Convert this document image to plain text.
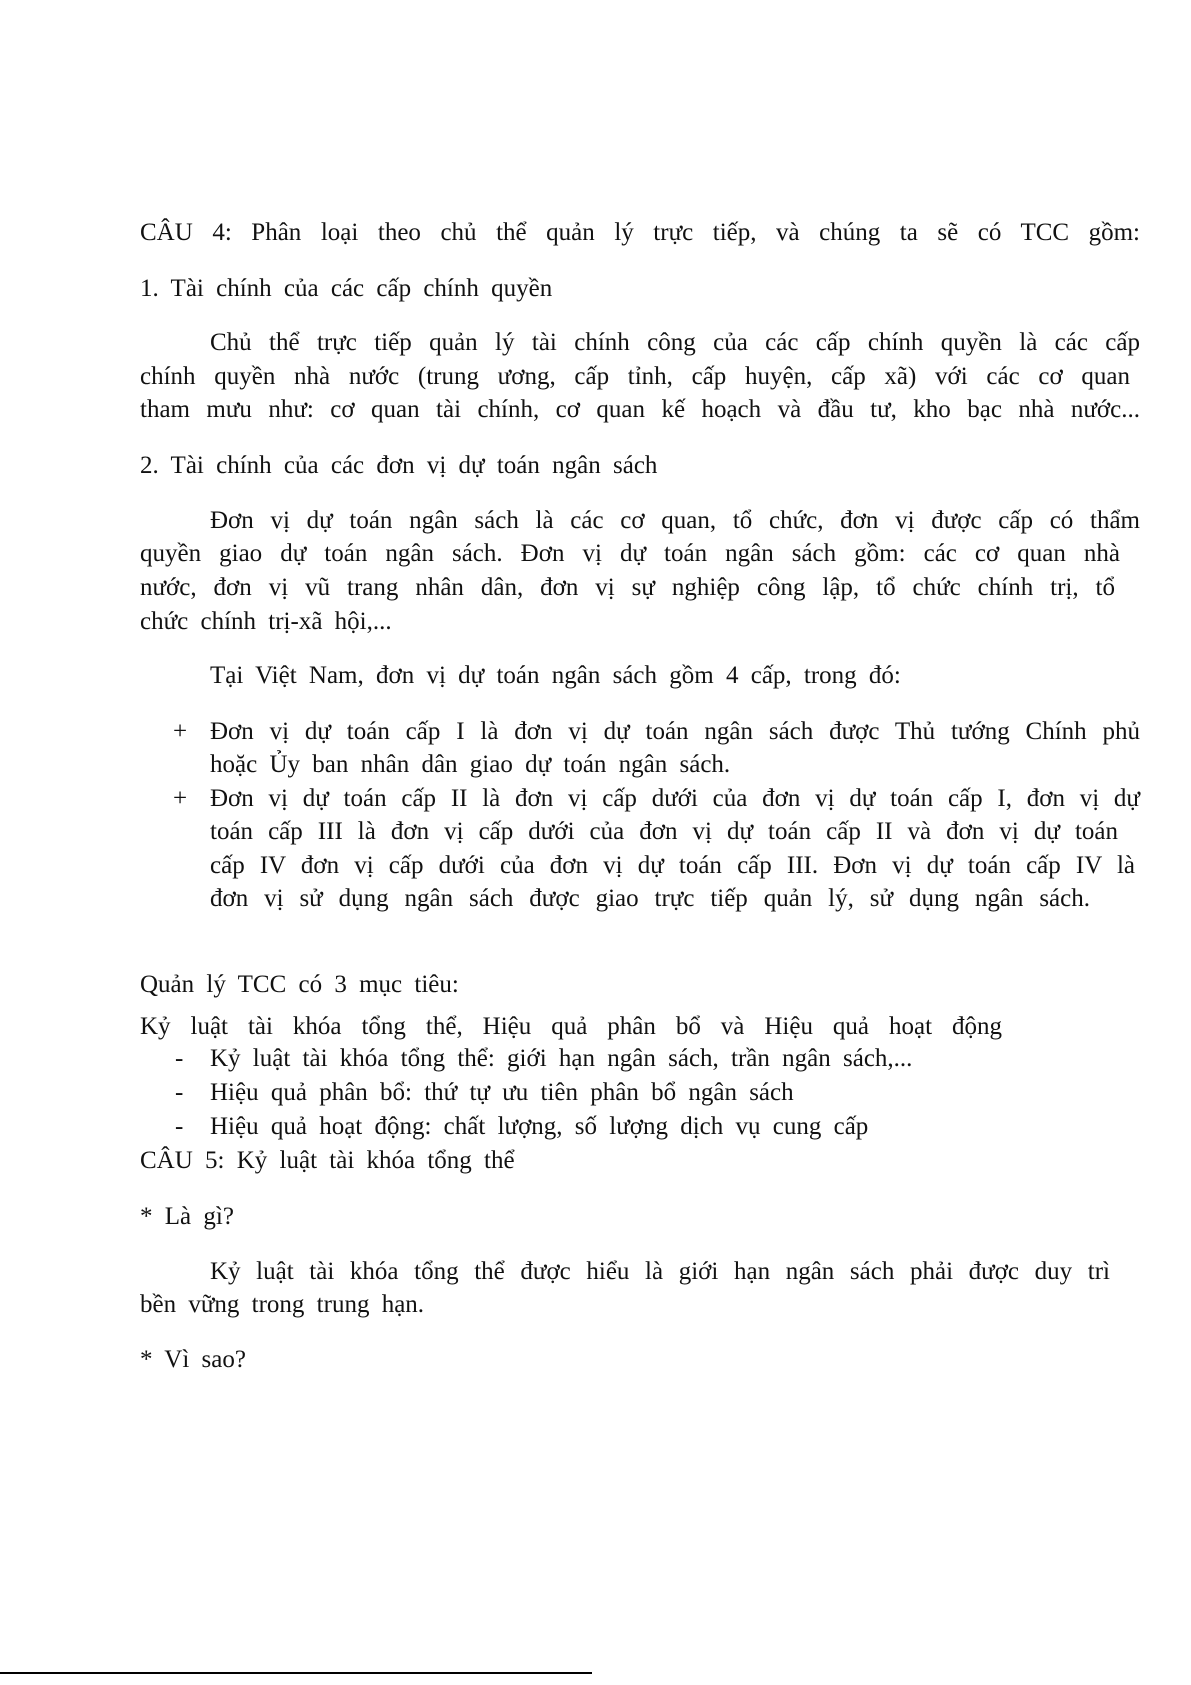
CÂU 4: Phân loại theo chủ thể quản lý trực tiếp, và chúng ta sẽ có TCC gồm:
1. Tài chính của các cấp chính quyền
Chủ thể trực tiếp quản lý tài chính công của các cấp chính quyền là các cấp
chính quyền nhà nước (trung ương, cấp tỉnh, cấp huyện, cấp xã) với các cơ quan
tham mưu như: cơ quan tài chính, cơ quan kế hoạch và đầu tư, kho bạc nhà nước...
2. Tài chính của các đơn vị dự toán ngân sách
Đơn vị dự toán ngân sách là các cơ quan, tổ chức, đơn vị được cấp có thẩm
quyền giao dự toán ngân sách. Đơn vị dự toán ngân sách gồm: các cơ quan nhà
nước, đơn vị vũ trang nhân dân, đơn vị sự nghiệp công lập, tổ chức chính trị, tổ
chức chính trị-xã hội,...
Tại Việt Nam, đơn vị dự toán ngân sách gồm 4 cấp, trong đó:
+ Đơn vị dự toán cấp I là đơn vị dự toán ngân sách được Thủ tướng Chính phủ
hoặc Ủy ban nhân dân giao dự toán ngân sách.
+ Đơn vị dự toán cấp II là đơn vị cấp dưới của đơn vị dự toán cấp I, đơn vị dự
toán cấp III là đơn vị cấp dưới của đơn vị dự toán cấp II và đơn vị dự toán
cấp IV đơn vị cấp dưới của đơn vị dự toán cấp III. Đơn vị dự toán cấp IV là
đơn vị sử dụng ngân sách được giao trực tiếp quản lý, sử dụng ngân sách.
Quản lý TCC có 3 mục tiêu:
Kỷ luật tài khóa tổng thể, Hiệu quả phân bổ và Hiệu quả hoạt động
- Kỷ luật tài khóa tổng thể: giới hạn ngân sách, trần ngân sách,...
- Hiệu quả phân bổ: thứ tự ưu tiên phân bổ ngân sách
- Hiệu quả hoạt động: chất lượng, số lượng dịch vụ cung cấp
CÂU 5: Kỷ luật tài khóa tổng thể
* Là gì?
Kỷ luật tài khóa tổng thể được hiểu là giới hạn ngân sách phải được duy trì
bền vững trong trung hạn.
* Vì sao?
